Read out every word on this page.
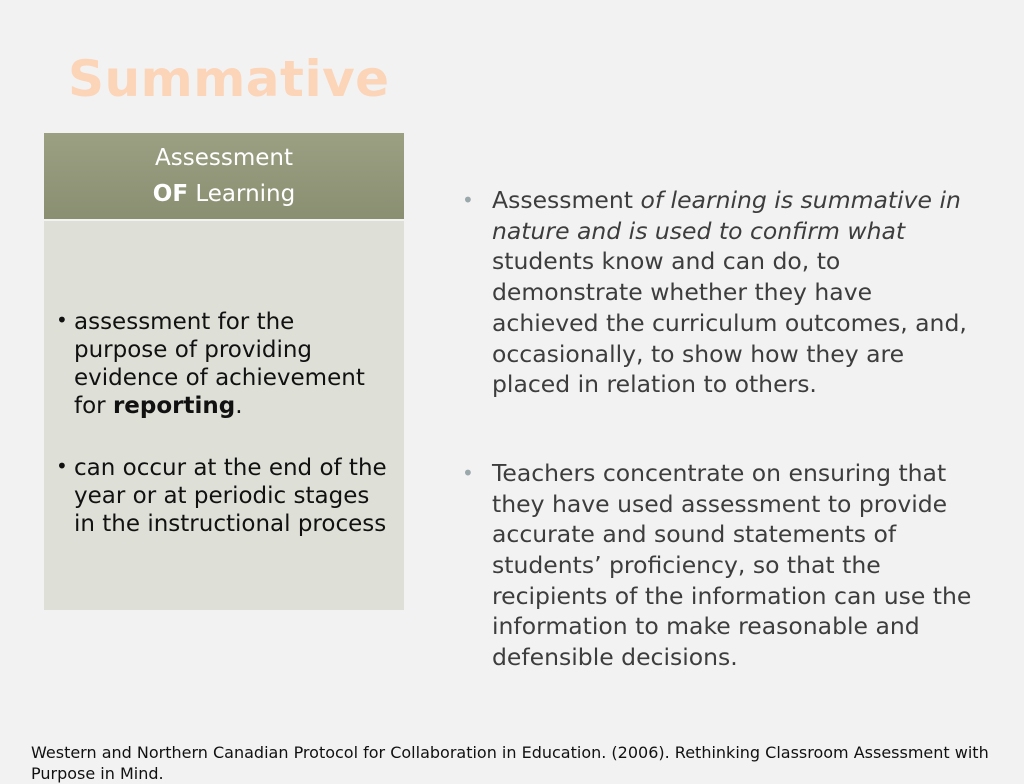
Summative
Assessment
OF Learning
• assessment for the purpose of providing evidence of achievement for reporting.
• can occur at the end of the year or at periodic stages in the instructional process
• Assessment of learning is summative in nature and is used to confirm what students know and can do, to demonstrate whether they have achieved the curriculum outcomes, and, occasionally, to show how they are placed in relation to others.
• Teachers concentrate on ensuring that they have used assessment to provide accurate and sound statements of students’ proficiency, so that the recipients of the information can use the information to make reasonable and defensible decisions.
Western and Northern Canadian Protocol for Collaboration in Education. (2006). Rethinking Classroom Assessment with Purpose in Mind.
